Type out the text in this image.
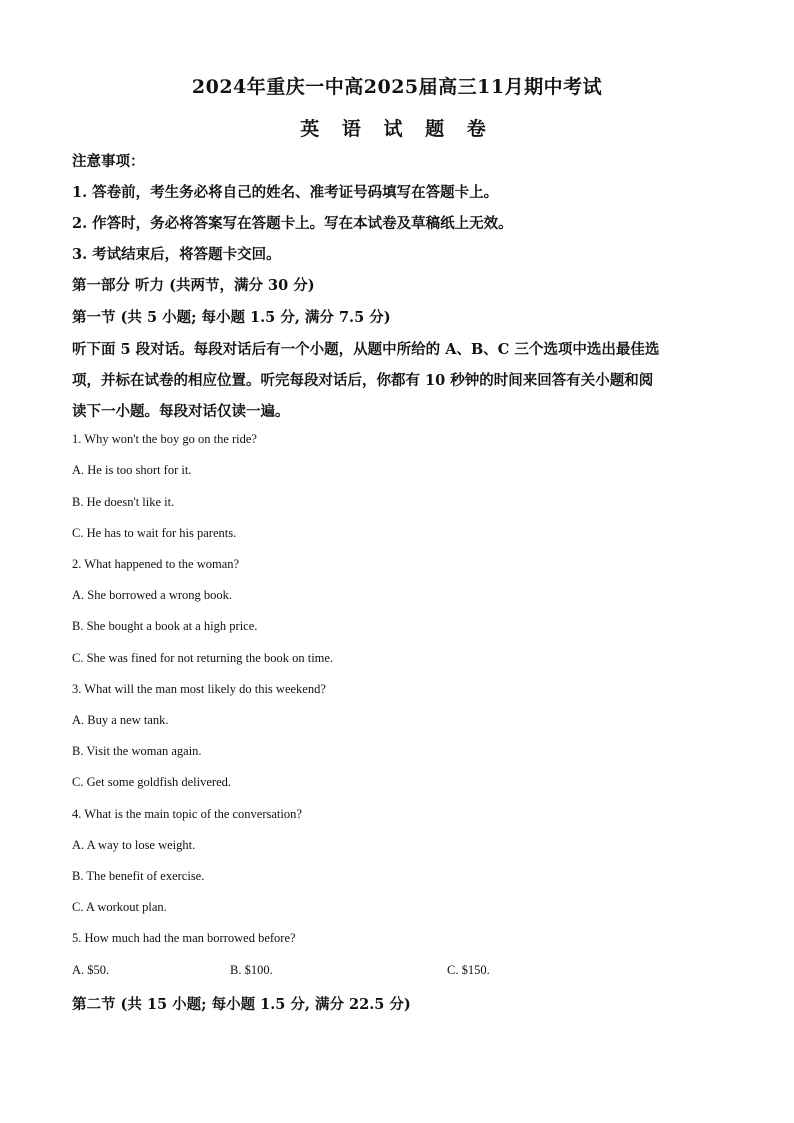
2024年重庆一中高2025届高三11月期中考试
英 语 试 题 卷
注意事项：
1. 答卷前，考生务必将自己的姓名、准考证号码填写在答题卡上。
2. 作答时，务必将答案写在答题卡上。写在本试卷及草稿纸上无效。
3. 考试结束后，将答题卡交回。
第一部分 听力 (共两节，满分 30 分)
第一节 (共 5 小题; 每小题 1.5 分, 满分 7.5 分)
听下面 5 段对话。每段对话后有一个小题，从题中所给的 A、B、C 三个选项中选出最佳选
项，并标在试卷的相应位置。听完每段对话后，你都有 10 秒钟的时间来回答有关小题和阅
读下一小题。每段对话仅读一遍。
1. Why won't the boy go on the ride?
A. He is too short for it.
B. He doesn't like it.
C. He has to wait for his parents.
2. What happened to the woman?
A. She borrowed a wrong book.
B. She bought a book at a high price.
C. She was fined for not returning the book on time.
3. What will the man most likely do this weekend?
A. Buy a new tank.
B. Visit the woman again.
C. Get some goldfish delivered.
4. What is the main topic of the conversation?
A. A way to lose weight.
B. The benefit of exercise.
C. A workout plan.
5. How much had the man borrowed before?
A. $50.	B. $100.	C. $150.
第二节 (共 15 小题; 每小题 1.5 分, 满分 22.5 分)
